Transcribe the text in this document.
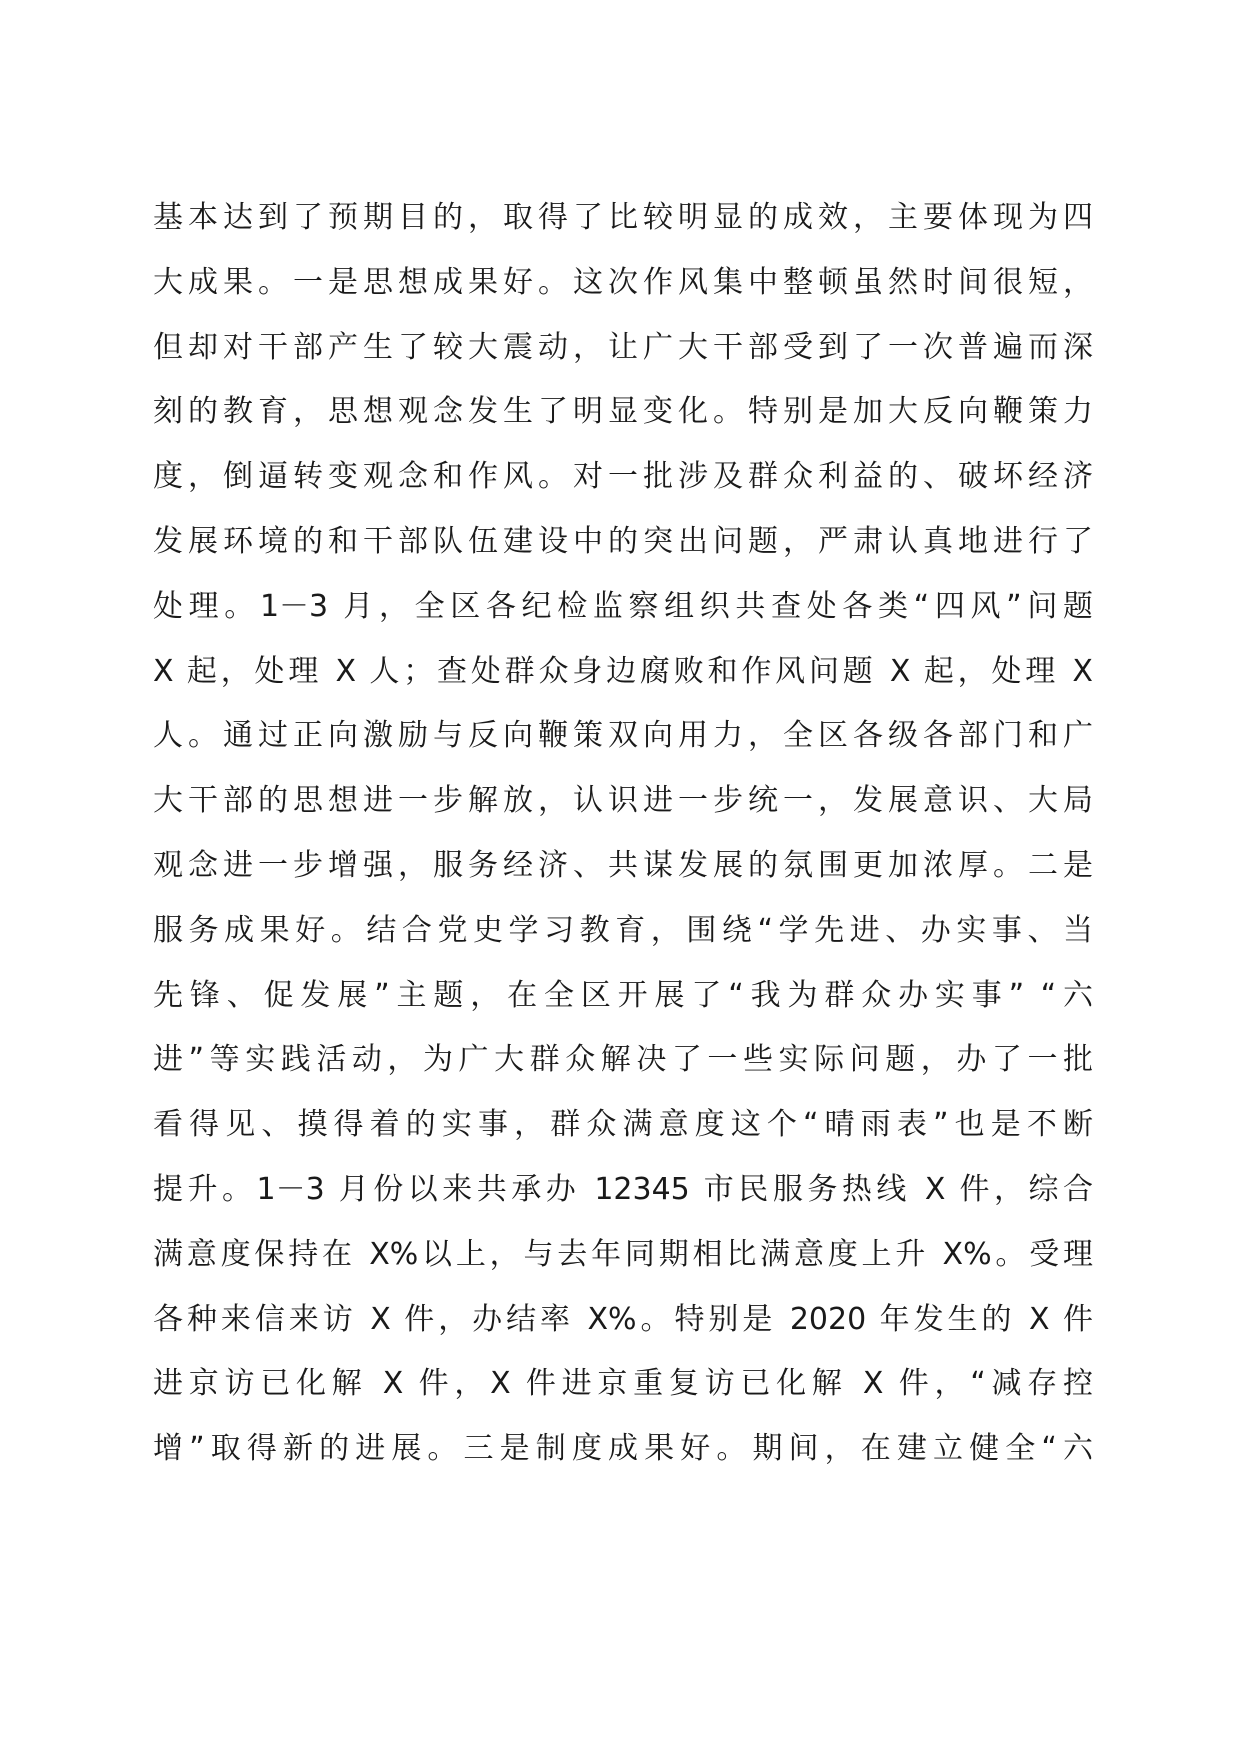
基本达到了预期目的，取得了比较明显的成效，主要体现为四
大成果。一是思想成果好。这次作风集中整顿虽然时间很短，
但却对干部产生了较大震动，让广大干部受到了一次普遍而深
刻的教育，思想观念发生了明显变化。特别是加大反向鞭策力
度，倒逼转变观念和作风。对一批涉及群众利益的、破坏经济
发展环境的和干部队伍建设中的突出问题，严肃认真地进行了
处理。1－3 月，全区各纪检监察组织共查处各类“四风”问题
X 起，处理 X 人；查处群众身边腐败和作风问题 X 起，处理 X
人。通过正向激励与反向鞭策双向用力，全区各级各部门和广
大干部的思想进一步解放，认识进一步统一，发展意识、大局
观念进一步增强，服务经济、共谋发展的氛围更加浓厚。二是
服务成果好。结合党史学习教育，围绕“学先进、办实事、当
先锋、促发展”主题，在全区开展了“我为群众办实事” “六
进”等实践活动，为广大群众解决了一些实际问题，办了一批
看得见、摸得着的实事，群众满意度这个“晴雨表”也是不断
提升。1－3 月份以来共承办 12345 市民服务热线 X 件，综合
满意度保持在 X%以上，与去年同期相比满意度上升 X%。受理
各种来信来访 X 件，办结率 X%。特别是 2020 年发生的 X 件
进京访已化解 X 件，X 件进京重复访已化解 X 件，“减存控
增”取得新的进展。三是制度成果好。期间，在建立健全“六
